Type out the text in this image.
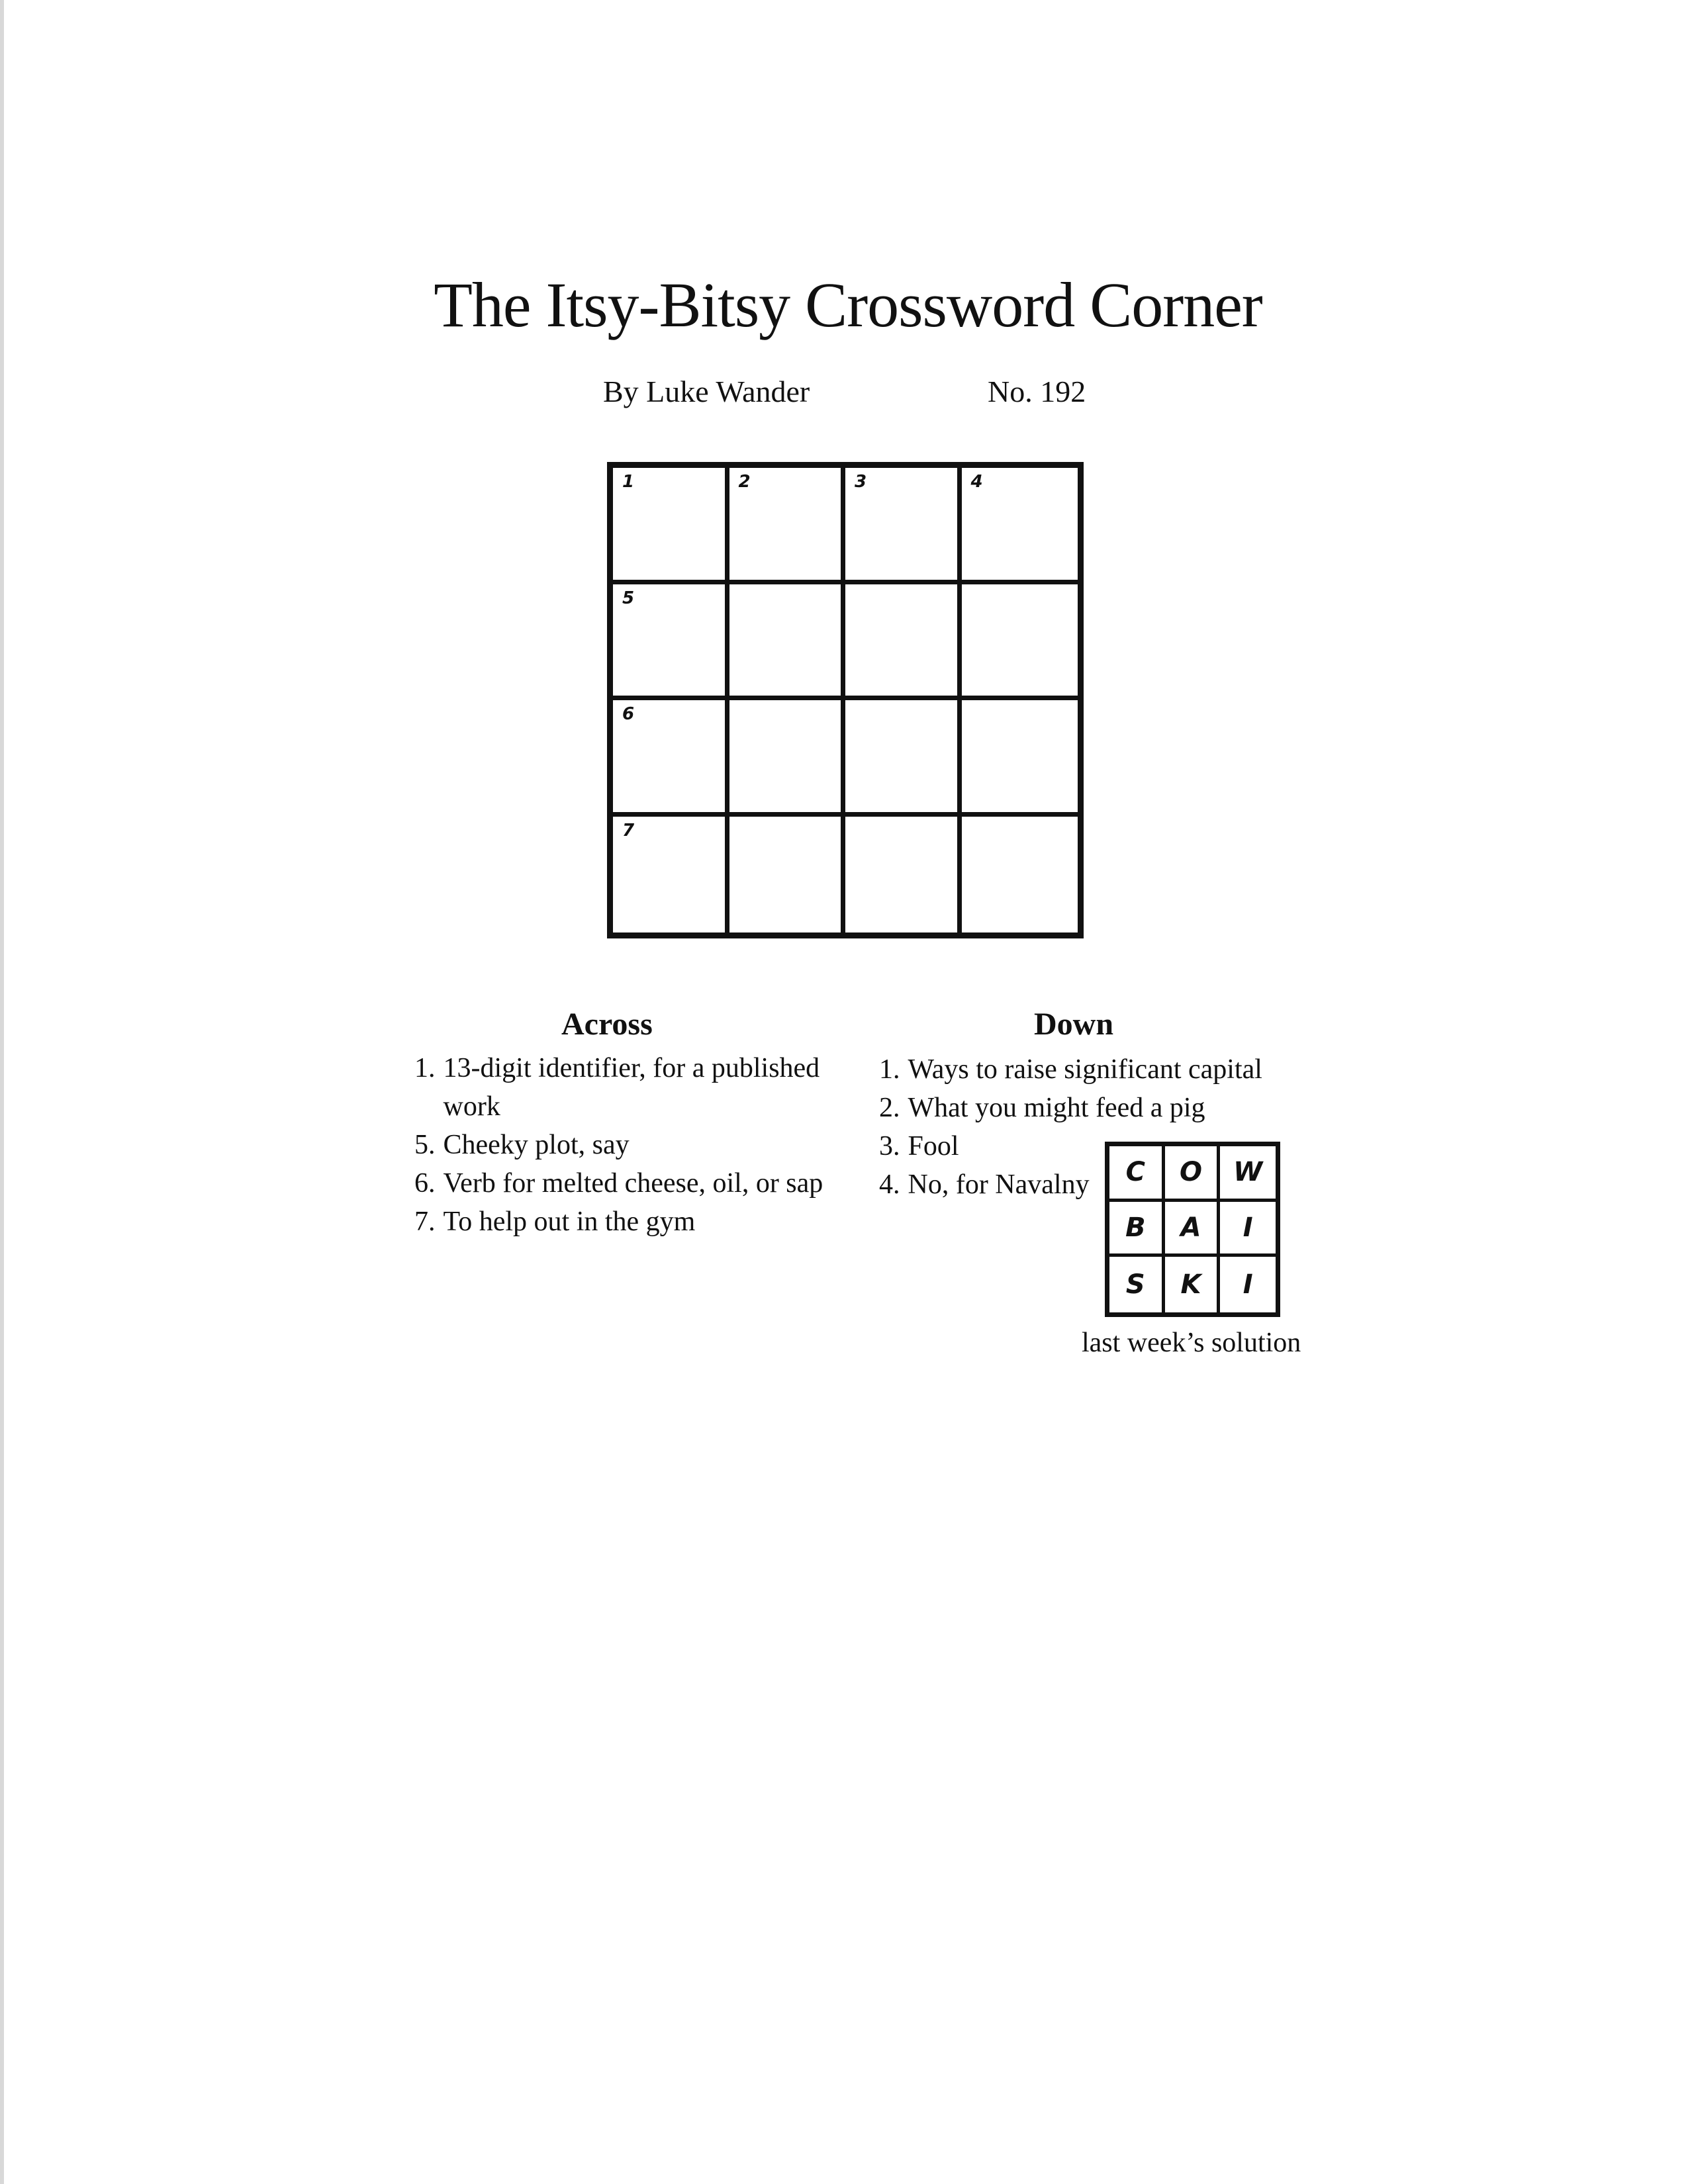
The Itsy-Bitsy Crossword Corner
By Luke Wander	No. 192
1	2	3	4
5
6
7
Across
1. 13-digit identifier, for a published work
5. Cheeky plot, say
6. Verb for melted cheese, oil, or sap
7. To help out in the gym
Down
1. Ways to raise significant capital
2. What you might feed a pig
3. Fool
4. No, for Navalny	C	O	W
B	A	I
S	K	I
last week’s solution
